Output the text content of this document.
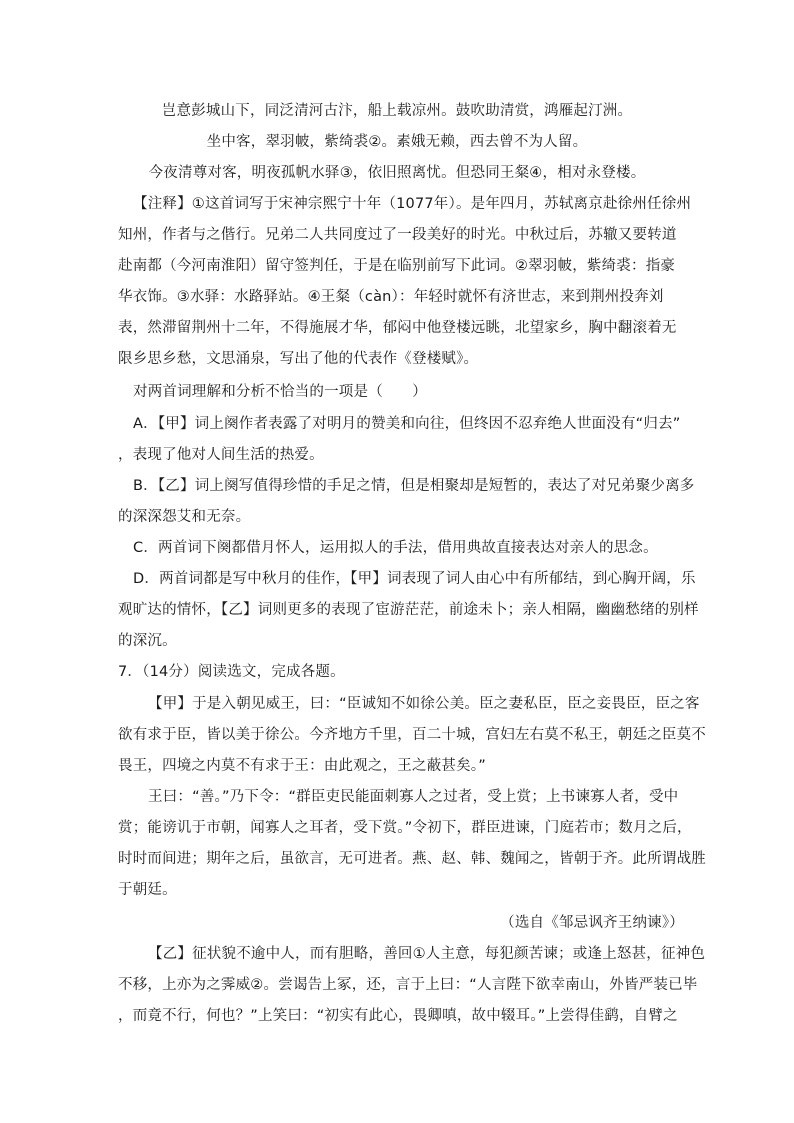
岂意彭城山下，同泛清河古汴，船上载凉州。鼓吹助清赏，鸿雁起汀洲。
坐中客，翠羽帔，紫绮裘②。素娥无赖，西去曾不为人留。
今夜清尊对客，明夜孤帆水驿③，依旧照离忧。但恐同王粲④，相对永登楼。
【注释】①这首词写于宋神宗熙宁十年（1077年）。是年四月，苏轼离京赴徐州任徐州
知州，作者与之偕行。兄弟二人共同度过了一段美好的时光。中秋过后，苏辙又要转道
赴南都（今河南淮阳）留守签判任，于是在临别前写下此词。②翠羽帔，紫绮裘：指豪
华衣饰。③水驿：水路驿站。④王粲（càn）：年轻时就怀有济世志，来到荆州投奔刘
表，然滞留荆州十二年，不得施展才华，郁闷中他登楼远眺，北望家乡，胸中翻滚着无
限乡思乡愁，文思涌泉，写出了他的代表作《登楼赋》。
对两首词理解和分析不恰当的一项是（　　）
A．【甲】词上阕作者表露了对明月的赞美和向往，但终因不忍弃绝人世面没有“归去”
，表现了他对人间生活的热爱。
B．【乙】词上阕写值得珍惜的手足之情，但是相聚却是短暂的，表达了对兄弟聚少离多
的深深怨艾和无奈。
C．两首词下阕都借月怀人，运用拟人的手法，借用典故直接表达对亲人的思念。
D．两首词都是写中秋月的佳作，【甲】词表现了词人由心中有所郁结，到心胸开阔，乐
观旷达的情怀，【乙】词则更多的表现了宦游茫茫，前途未卜；亲人相隔，幽幽愁绪的别样
的深沉。
7．（14分）阅读选文，完成各题。
【甲】于是入朝见威王，曰：“臣诚知不如徐公美。臣之妻私臣，臣之妾畏臣，臣之客
欲有求于臣，皆以美于徐公。今齐地方千里，百二十城，宫妇左右莫不私王，朝廷之臣莫不
畏王，四境之内莫不有求于王：由此观之，王之蔽甚矣。”
王曰：“善。”乃下令：“群臣吏民能面刺寡人之过者，受上赏；上书谏寡人者，受中
赏；能谤讥于市朝，闻寡人之耳者，受下赏。”令初下，群臣进谏，门庭若市；数月之后，
时时而间进；期年之后，虽欲言，无可进者。燕、赵、韩、魏闻之，皆朝于齐。此所谓战胜
于朝廷。
（选自《邹忌讽齐王纳谏》）
【乙】征状貌不逾中人，而有胆略，善回①人主意，每犯颜苦谏；或逢上怒甚，征神色
不移，上亦为之霁威②。尝谒告上冢，还，言于上曰：“人言陛下欲幸南山，外皆严装已毕
，而竟不行，何也？”上笑曰：“初实有此心，畏卿嗔，故中辍耳。”上尝得佳鹞，自臂之
